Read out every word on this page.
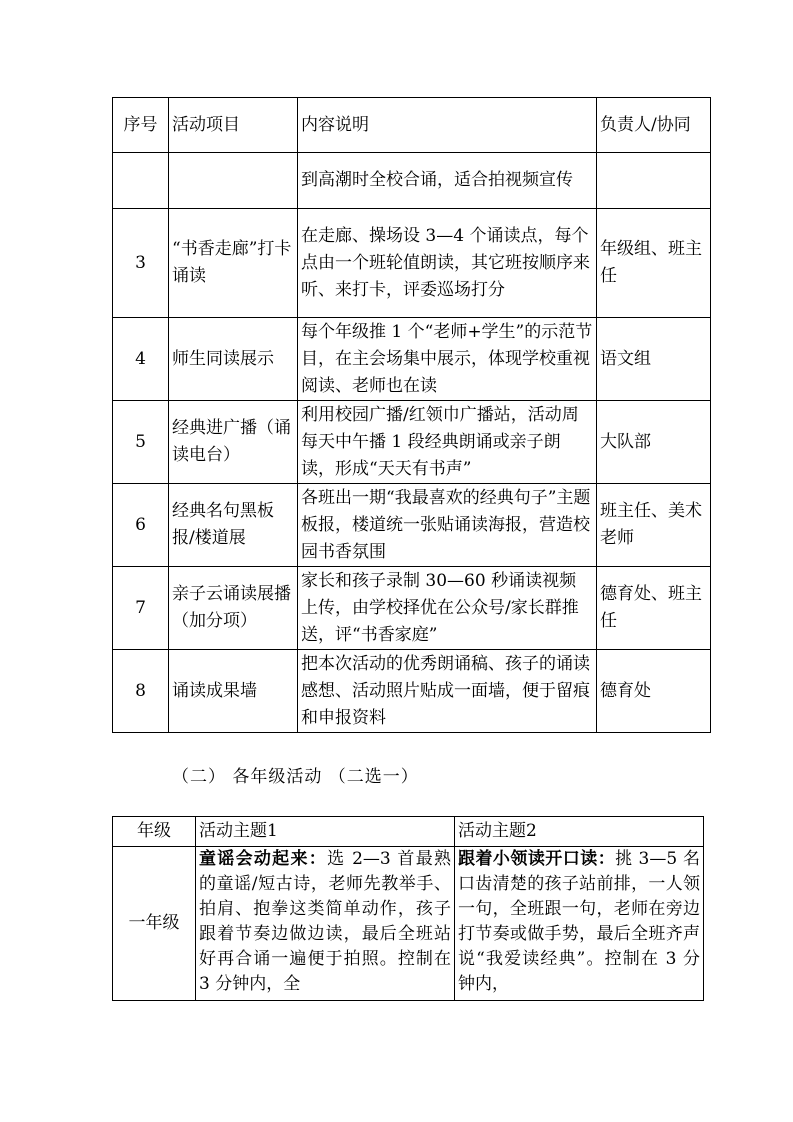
序号	活动项目	内容说明	负责人/协同
		到高潮时全校合诵，适合拍视频宣传	
3	“书香走廊”打卡诵读	在走廊、操场设 3—4 个诵读点，每个点由一个班轮值朗读，其它班按顺序来听、来打卡，评委巡场打分	年级组、班主任
4	师生同读展示	每个年级推 1 个“老师+学生”的示范节目，在主会场集中展示，体现学校重视阅读、老师也在读	语文组
5	经典进广播（诵读电台）	利用校园广播/红领巾广播站，活动周每天中午播 1 段经典朗诵或亲子朗读，形成“天天有书声”	大队部
6	经典名句黑板报/楼道展	各班出一期“我最喜欢的经典句子”主题板报，楼道统一张贴诵读海报，营造校园书香氛围	班主任、美术老师
7	亲子云诵读展播（加分项）	家长和孩子录制 30—60 秒诵读视频上传，由学校择优在公众号/家长群推送，评“书香家庭”	德育处、班主任
8	诵读成果墙	把本次活动的优秀朗诵稿、孩子的诵读感想、活动照片贴成一面墙，便于留痕和申报资料	德育处
（二） 各年级活动 （二选一）
年级	活动主题1	活动主题2
一年级	童谣会动起来：选 2—3 首最熟的童谣/短古诗，老师先教举手、拍肩、抱拳这类简单动作，孩子跟着节奏边做边读，最后全班站好再合诵一遍便于拍照。控制在 3 分钟内，全	跟着小领读开口读：挑 3—5 名口齿清楚的孩子站前排，一人领一句，全班跟一句，老师在旁边打节奏或做手势，最后全班齐声说“我爱读经典”。控制在 3 分钟内，
